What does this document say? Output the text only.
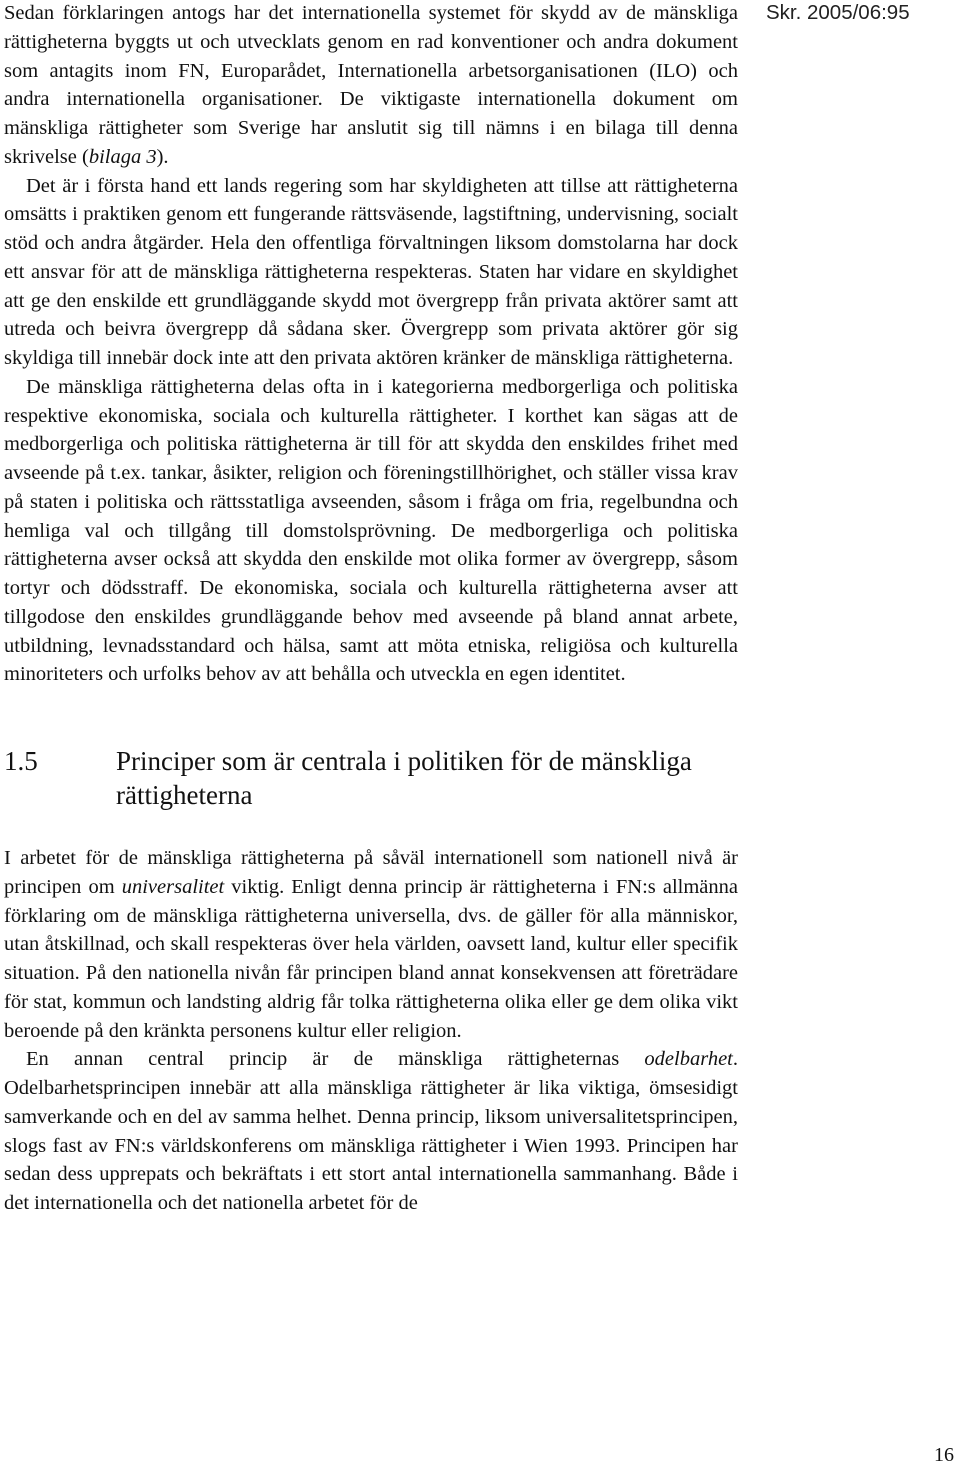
Skr. 2005/06:95

Sedan förklaringen antogs har det internationella systemet för skydd av de mänskliga rättigheterna byggts ut och utvecklats genom en rad konventioner och andra dokument som antagits inom FN, Europarådet, Internationella arbetsorganisationen (ILO) och andra internationella organisationer. De viktigaste internationella dokument om mänskliga rättigheter som Sverige har anslutit sig till nämns i en bilaga till denna skrivelse (bilaga 3).

Det är i första hand ett lands regering som har skyldigheten att tillse att rättigheterna omsätts i praktiken genom ett fungerande rättsväsende, lagstiftning, undervisning, socialt stöd och andra åtgärder. Hela den offentliga förvaltningen liksom domstolarna har dock ett ansvar för att de mänskliga rättigheterna respekteras. Staten har vidare en skyldighet att ge den enskilde ett grundläggande skydd mot övergrepp från privata aktörer samt att utreda och beivra övergrepp då sådana sker. Övergrepp som privata aktörer gör sig skyldiga till innebär dock inte att den privata aktören kränker de mänskliga rättigheterna.

De mänskliga rättigheterna delas ofta in i kategorierna medborgerliga och politiska respektive ekonomiska, sociala och kulturella rättigheter. I korthet kan sägas att de medborgerliga och politiska rättigheterna är till för att skydda den enskildes frihet med avseende på t.ex. tankar, åsikter, religion och föreningstillhörighet, och ställer vissa krav på staten i politiska och rättsstatliga avseenden, såsom i fråga om fria, regelbundna och hemliga val och tillgång till domstolsprövning. De medborgerliga och politiska rättigheterna avser också att skydda den enskilde mot olika former av övergrepp, såsom tortyr och dödsstraff. De ekonomiska, sociala och kulturella rättigheterna avser att tillgodose den enskildes grundläggande behov med avseende på bland annat arbete, utbildning, levnadsstandard och hälsa, samt att möta etniska, religiösa och kulturella minoriteters och urfolks behov av att behålla och utveckla en egen identitet.

1.5	Principer som är centrala i politiken för de mänskliga rättigheterna

I arbetet för de mänskliga rättigheterna på såväl internationell som nationell nivå är principen om universalitet viktig. Enligt denna princip är rättigheterna i FN:s allmänna förklaring om de mänskliga rättigheterna universella, dvs. de gäller för alla människor, utan åtskillnad, och skall respekteras över hela världen, oavsett land, kultur eller specifik situation. På den nationella nivån får principen bland annat konsekvensen att företrädare för stat, kommun och landsting aldrig får tolka rättigheterna olika eller ge dem olika vikt beroende på den kränkta personens kultur eller religion.

En annan central princip är de mänskliga rättigheternas odelbarhet. Odelbarhetsprincipen innebär att alla mänskliga rättigheter är lika viktiga, ömsesidigt samverkande och en del av samma helhet. Denna princip, liksom universalitetsprincipen, slogs fast av FN:s världskonferens om mänskliga rättigheter i Wien 1993. Principen har sedan dess upprepats och bekräftats i ett stort antal internationella sammanhang. Både i det internationella och det nationella arbetet för de

16
